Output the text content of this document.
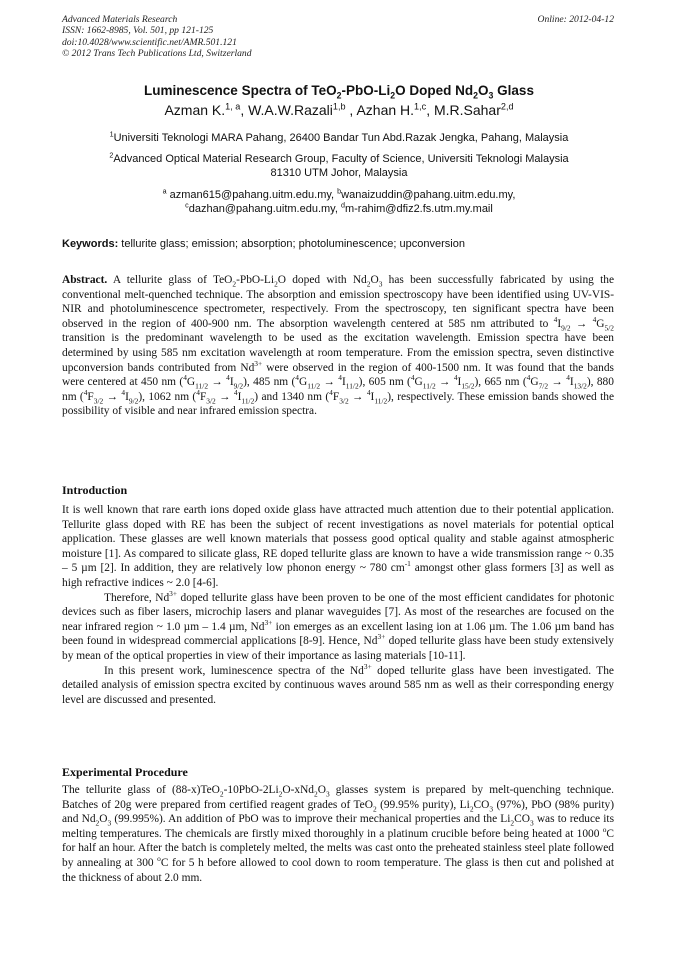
Advanced Materials Research
ISSN: 1662-8985, Vol. 501, pp 121-125
doi:10.4028/www.scientific.net/AMR.501.121
© 2012 Trans Tech Publications Ltd, Switzerland
Online: 2012-04-12
Luminescence Spectra of $TeO_2-PbO-Li_2O$ Doped $Nd_2O_3$ Glass
Azman K.$^{1, a}$, W.A.W.Razali$^{1,b}$ , Azhan H.$^{1,c}$, M.R.Sahar$^{2,d}$
$^1$Universiti Teknologi MARA Pahang, 26400 Bandar Tun Abd.Razak Jengka, Pahang, Malaysia
$^2$Advanced Optical Material Research Group, Faculty of Science, Universiti Teknologi Malaysia
81310 UTM Johor, Malaysia
$^a$ azman615@pahang.uitm.edu.my, $^b$wanaizuddin@pahang.uitm.edu.my,
$^c$dazhan@pahang.uitm.edu.my, $^d$m-rahim@dfiz2.fs.utm.my.mail
Keywords: tellurite glass; emission; absorption; photoluminescence; upconversion
Abstract. A tellurite glass of $TeO_2-PbO-Li_2O$ doped with $Nd_2O_3$ has been successfully fabricated by using the conventional melt-quenched technique. The absorption and emission spectroscopy have been identified using UV-VIS-NIR and photoluminescence spectrometer, respectively. From the spectroscopy, ten significant spectra have been observed in the region of 400-900 nm. The absorption wavelength centered at 585 nm attributed to $^4I_{9/2} \to ^4G_{5/2}$ transition is the predominant wavelength to be used as the excitation wavelength. Emission spectra have been determined by using 585 nm excitation wavelength at room temperature. From the emission spectra, seven distinctive upconversion bands contributed from $Nd^{3+}$ were observed in the region of 400-1500 nm. It was found that the bands were centered at 450 nm $(^4G_{11/2} \to ^4I_{9/2})$, 485 nm $(^4G_{11/2} \to ^4I_{11/2})$, 605 nm $(^4G_{11/2} \to ^4I_{15/2})$, 665 nm $(^4G_{7/2} \to ^4I_{13/2})$, 880 nm $(^4F_{3/2} \to ^4I_{9/2})$, 1062 nm $(^4F_{3/2} \to ^4I_{11/2})$ and 1340 nm $(^4F_{3/2} \to ^4I_{11/2})$, respectively. These emission bands showed the possibility of visible and near infrared emission spectra.
Introduction

It is well known that rare earth ions doped oxide glass have attracted much attention due to their potential application. Tellurite glass doped with RE has been the subject of recent investigations as novel materials for potential optical application. These glasses are well known materials that possess good optical quality and stable against atmospheric moisture [1]. As compared to silicate glass, RE doped tellurite glass are known to have a wide transmission range ~ 0.35 – 5 µm [2]. In addition, they are relatively low phonon energy ~ 780 $cm^{-1}$ amongst other glass formers [3] as well as high refractive indices ~ 2.0 [4-6].

Therefore, $Nd^{3+}$ doped tellurite glass have been proven to be one of the most efficient candidates for photonic devices such as fiber lasers, microchip lasers and planar waveguides [7]. As most of the researches are focused on the near infrared region ~ 1.0 µm – 1.4 µm, $Nd^{3+}$ ion emerges as an excellent lasing ion at 1.06 µm. The 1.06 µm band has been found in widespread commercial applications [8-9]. Hence, $Nd^{3+}$ doped tellurite glass have been study extensively by mean of the optical properties in view of their importance as lasing materials [10-11].

In this present work, luminescence spectra of the $Nd^{3+}$ doped tellurite glass have been investigated. The detailed analysis of emission spectra excited by continuous waves around 585 nm as well as their corresponding energy level are discussed and presented.

Experimental Procedure
The tellurite glass of $(88-x)TeO_2-10PbO-2Li_2O-xNd_2O_3$ glasses system is prepared by melt-quenching technique. Batches of 20g were prepared from certified reagent grades of TeO$_2$ (99.95% purity), $Li_2CO_3$ (97%), PbO (98% purity) and $Nd_2O_3$ (99.995%). An addition of PbO was to improve their mechanical properties and the $Li_2CO_3$ was to reduce its melting temperatures. The chemicals are firstly mixed thoroughly in a platinum crucible before being heated at 1000 $^o$C for half an hour. After the batch is completely melted, the melts was cast onto the preheated stainless steel plate followed by annealing at 300 $^o$C for 5 h before allowed to cool down to room temperature. The glass is then cut and polished at the thickness of about 2.0 mm.
